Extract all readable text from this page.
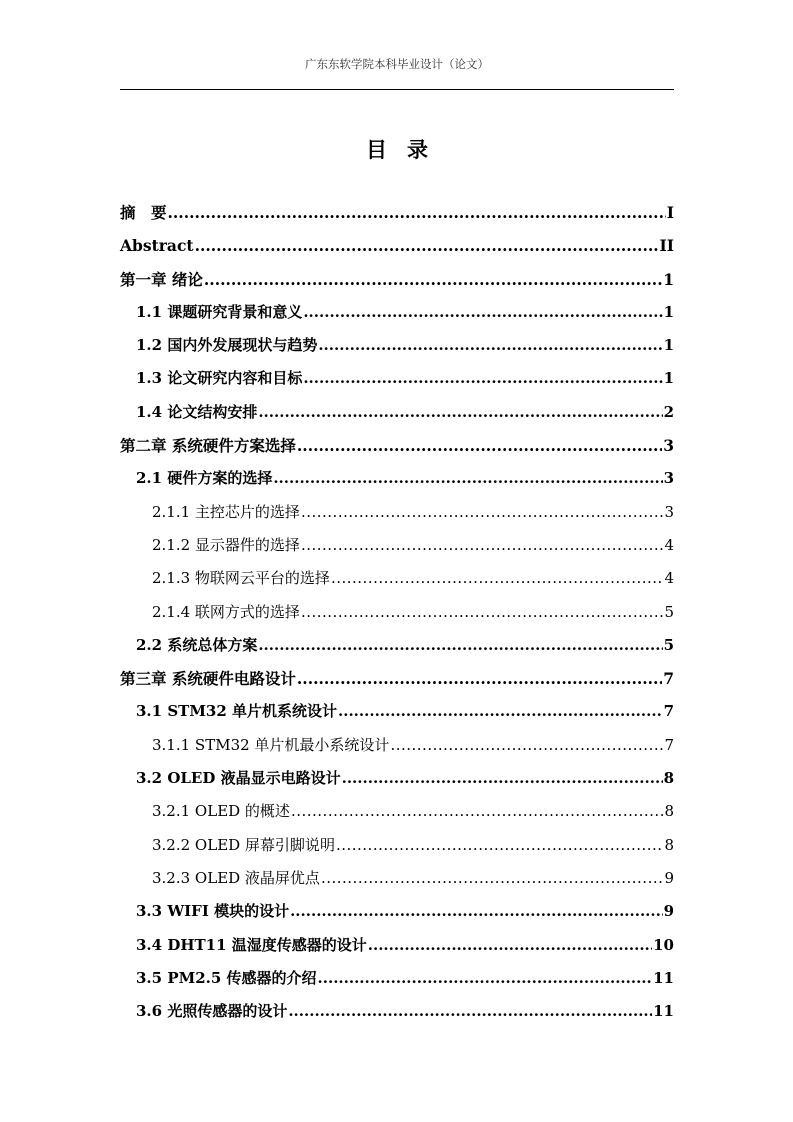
广东东软学院本科毕业设计（论文）
目录
摘　要 .....	I
Abstract .....	II
第一章 绪论 .....	1
1.1 课题研究背景和意义 .....	1
1.2 国内外发展现状与趋势 .....	1
1.3 论文研究内容和目标 .....	1
1.4 论文结构安排 .....	2
第二章 系统硬件方案选择 .....	3
2.1 硬件方案的选择 .....	3
2.1.1 主控芯片的选择 .....	3
2.1.2 显示器件的选择 .....	4
2.1.3 物联网云平台的选择 .....	4
2.1.4 联网方式的选择 .....	5
2.2 系统总体方案 .....	5
第三章 系统硬件电路设计 .....	7
3.1 STM32 单片机系统设计 .....	7
3.1.1 STM32 单片机最小系统设计 .....	7
3.2 OLED 液晶显示电路设计 .....	8
3.2.1 OLED 的概述 .....	8
3.2.2 OLED 屏幕引脚说明 .....	8
3.2.3 OLED 液晶屏优点 .....	9
3.3 WIFI 模块的设计 .....	9
3.4 DHT11 温湿度传感器的设计 .....	10
3.5 PM2.5 传感器的介绍 .....	11
3.6 光照传感器的设计 .....	11
